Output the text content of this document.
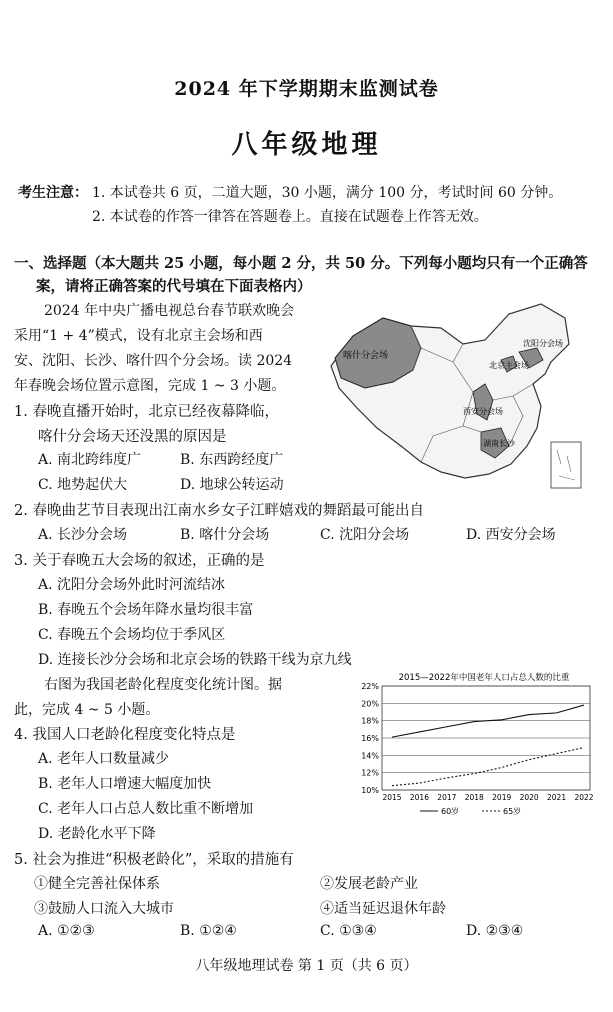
2024 年下学期期末监测试卷
八年级地理
考生注意： 1. 本试卷共 6 页，二道大题，30 小题，满分 100 分，考试时间 60 分钟。
2. 本试卷的作答一律答在答题卷上。直接在试题卷上作答无效。
一、选择题（本大题共 25 小题，每小题 2 分，共 50 分。下列每小题均只有一个正确答
案，请将正确答案的代号填在下面表格内）
2024 年中央广播电视总台春节联欢晚会
采用“1 + 4”模式，设有北京主会场和西
安、沈阳、长沙、喀什四个分会场。读 2024
年春晚会场位置示意图，完成 1 ~ 3 小题。
喀什分会场
北京主会场
沈阳分会场
西安分会场
湖南长沙
1. 春晚直播开始时，北京已经夜幕降临，
喀什分会场天还没黑的原因是
A. 南北跨纬度广	B. 东西跨经度广
C. 地势起伏大	D. 地球公转运动
2. 春晚曲艺节目表现出江南水乡女子江畔嬉戏的舞蹈最可能出自
A. 长沙分会场	B. 喀什分会场	C. 沈阳分会场	D. 西安分会场
3. 关于春晚五大会场的叙述，正确的是
A. 沈阳分会场外此时河流结冰
B. 春晚五个会场年降水量均很丰富
C. 春晚五个会场均位于季风区
D. 连接长沙分会场和北京会场的铁路干线为京九线
右图为我国老龄化程度变化统计图。据
此，完成 4 ~ 5 小题。
2015—2022年中国老年人口占总人数的比重
10%
12%
14%
16%
18%
20%
22%
2015 2016 2017 2018 2019 2020 2021 2022
60岁	65岁
4. 我国人口老龄化程度变化特点是
A. 老年人口数量减少
B. 老年人口增速大幅度加快
C. 老年人口占总人数比重不断增加
D. 老龄化水平下降
5. 社会为推进“积极老龄化”，采取的措施有
①健全完善社保体系	②发展老龄产业
③鼓励人口流入大城市	④适当延迟退休年龄
A. ①②③	B. ①②④	C. ①③④	D. ②③④
八年级地理试卷 第 1 页（共 6 页）
